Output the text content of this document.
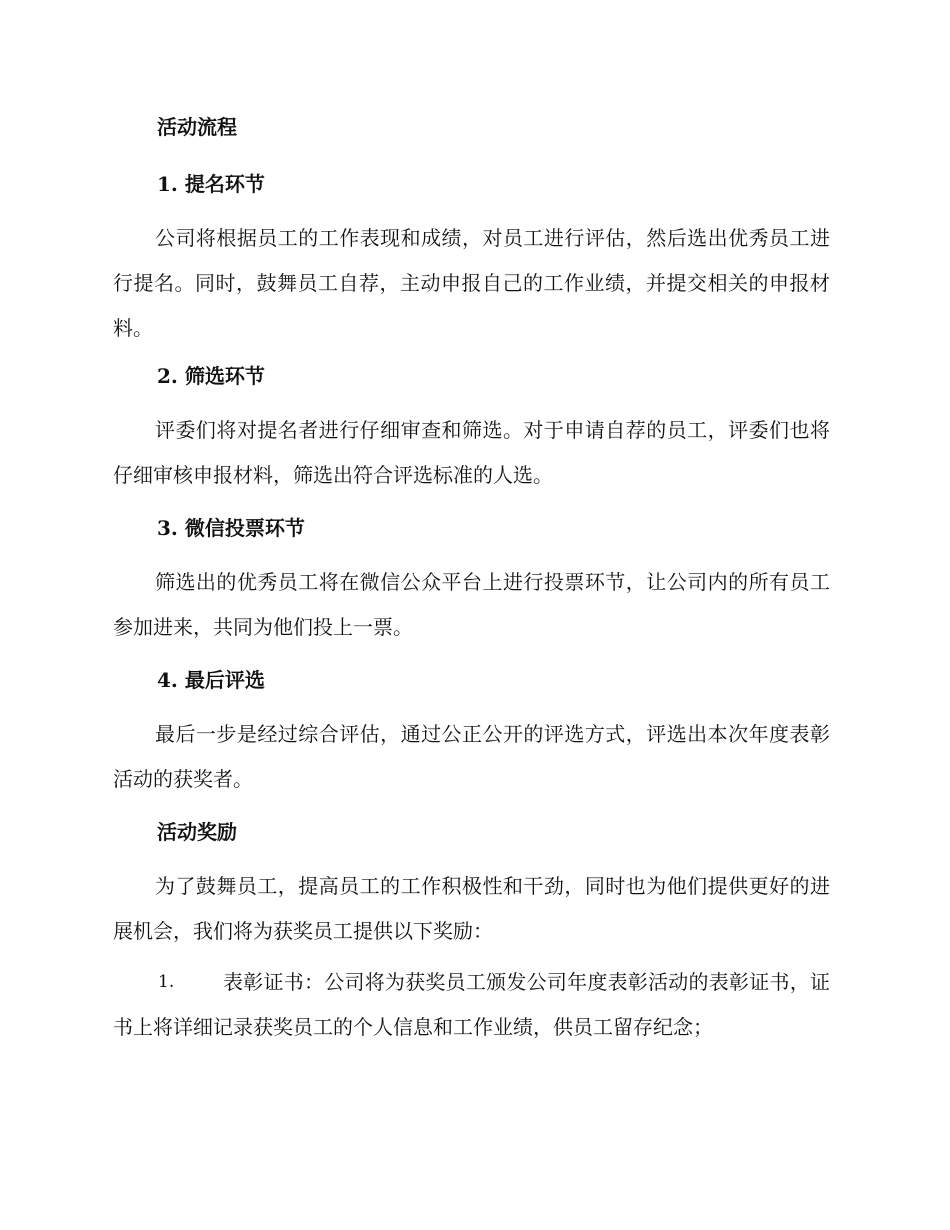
活动流程
1. 提名环节
公司将根据员工的工作表现和成绩，对员工进行评估，然后选出优秀员工进行提名。同时，鼓舞员工自荐，主动申报自己的工作业绩，并提交相关的申报材料。
2. 筛选环节
评委们将对提名者进行仔细审查和筛选。对于申请自荐的员工，评委们也将仔细审核申报材料，筛选出符合评选标准的人选。
3. 微信投票环节
筛选出的优秀员工将在微信公众平台上进行投票环节，让公司内的所有员工参加进来，共同为他们投上一票。
4. 最后评选
最后一步是经过综合评估，通过公正公开的评选方式，评选出本次年度表彰活动的获奖者。
活动奖励
为了鼓舞员工，提高员工的工作积极性和干劲，同时也为他们提供更好的进展机会，我们将为获奖员工提供以下奖励：
1.	表彰证书：公司将为获奖员工颁发公司年度表彰活动的表彰证书，证书上将详细记录获奖员工的个人信息和工作业绩，供员工留存纪念；
